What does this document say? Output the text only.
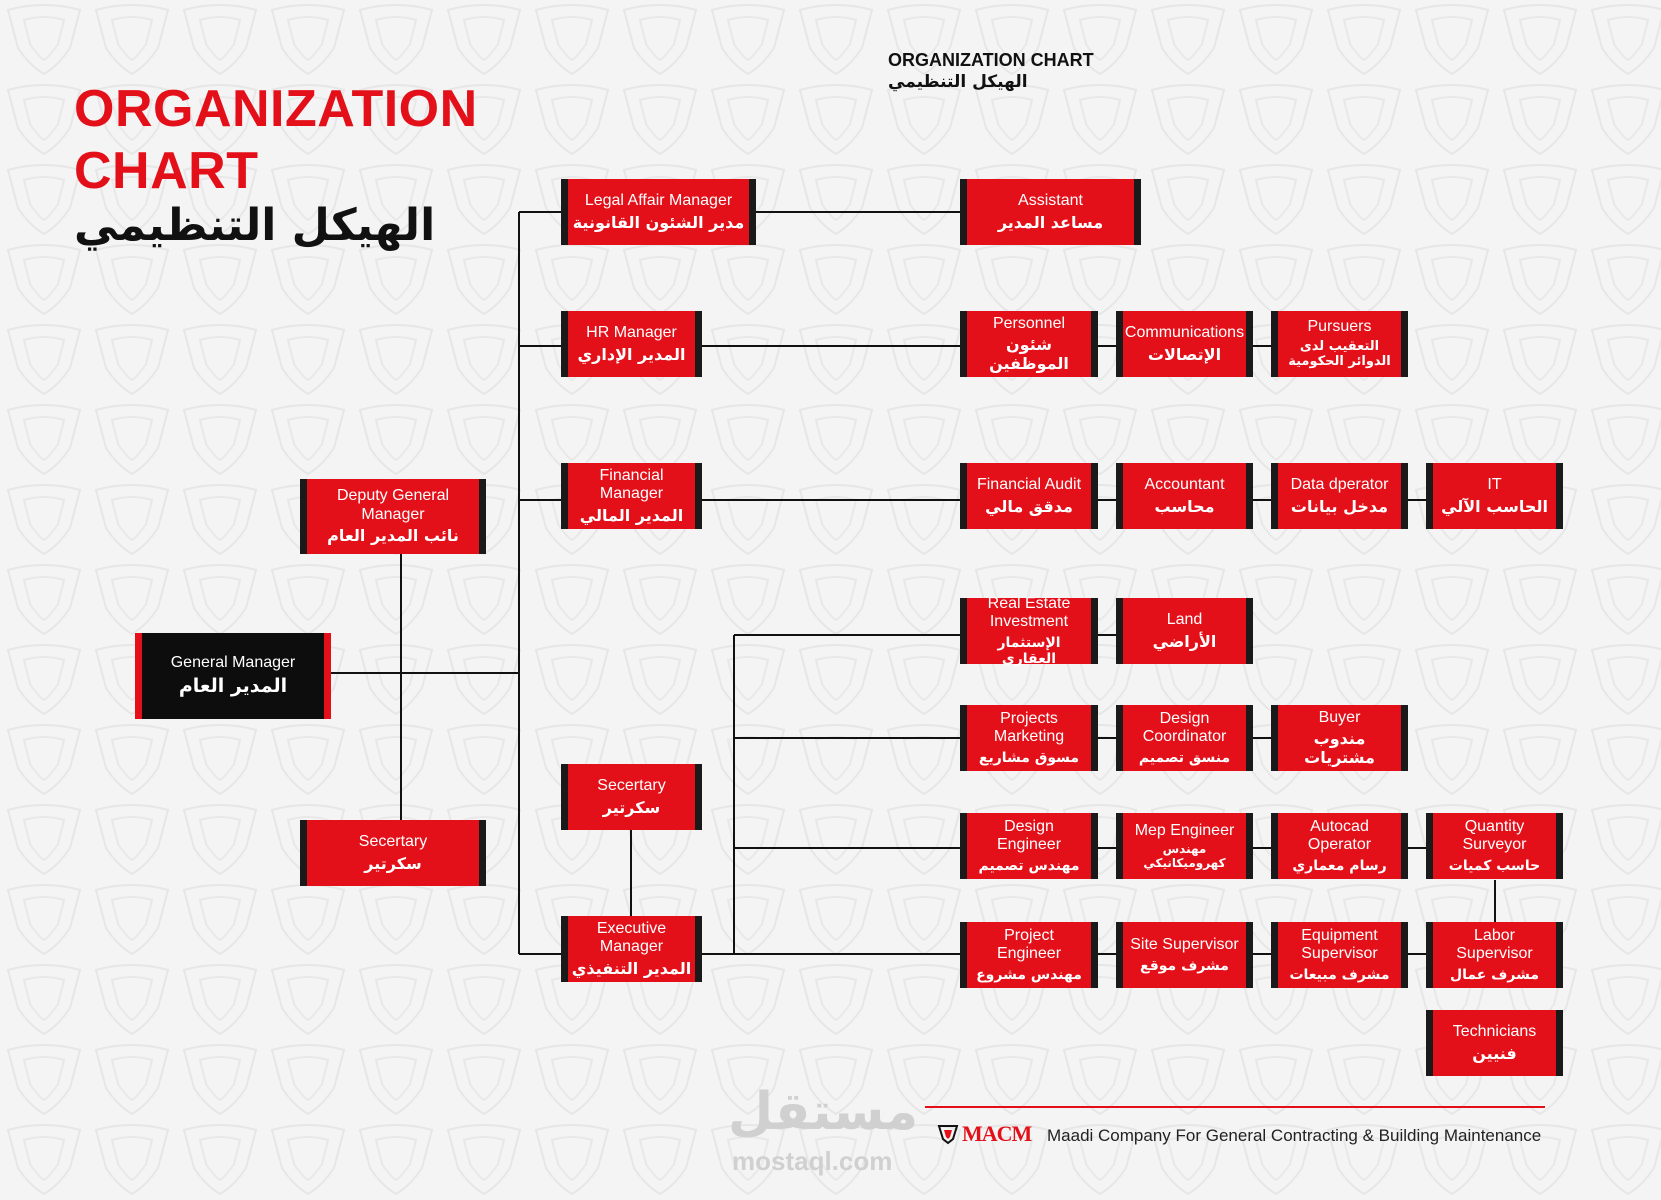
ORGANIZATION
CHART
الهيكل التنظيمي
ORGANIZATION CHART
الهيكل التنظيمي
General Manager
المدير العام
Deputy General Manager
نائب المدير العام
Secertary
سكرتير
Legal Affair Manager
مدير الشئون القانونية
Assistant
مساعد المدير
HR Manager
المدير الإداري
Personnel
شئون الموظفين
Communications
الإتصالات
Pursuers
التعقيب لدى الدوائر الحكومية
Financial Manager
المدير المالي
Financial Audit
مدقق مالي
Accountant
محاسب
Data dperator
مدخل بيانات
IT
الحاسب الآلي
Secertary
سكرتير
Executive Manager
المدير التنفيذي
Real Estate Investment
الإستثمار العقاري
Land
الأراضي
Projects Marketing
مسوق مشاريع
Design Coordinator
منسق تصميم
Buyer
مندوب مشتريات
Design Engineer
مهندس تصميم
Mep Engineer
مهندس كهروميكانيكي
Autocad Operator
رسام معماري
Quantity Surveyor
حاسب كميات
Project Engineer
مهندس مشروع
Site Supervisor
مشرف موقع
Equipment Supervisor
مشرف مبيعات
Labor Supervisor
مشرف عمال
Technicians
فنيين
مستقل
mostaql.com
MACM Maadi Company For General Contracting & Building Maintenance
